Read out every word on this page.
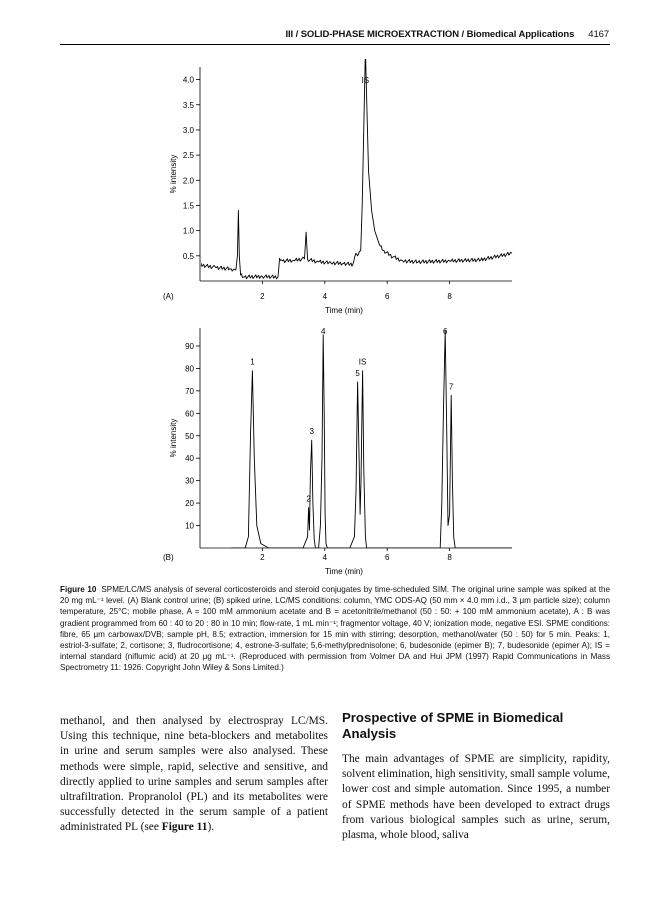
III / SOLID-PHASE MICROEXTRACTION / Biomedical Applications 4167
0.5
1.0
1.5
2.0
2.5
3.0
3.5
4.0
2	4	6	8
Time (min)
% intensity
(A)
IS
10
20
30
40
50
60
70
80
90
2	4	6	8
Time (min)
% intensity
(B)
1
2
3
4
5
IS
6
7
Figure 10 SPME/LC/MS analysis of several corticosteroids and steroid conjugates by time-scheduled SIM. The original urine sample was spiked at the 20 mg mL⁻¹ level. (A) Blank control urine; (B) spiked urine. LC/MS conditions: column, YMC ODS-AQ (50 mm × 4.0 mm i.d., 3 μm particle size); column temperature, 25°C; mobile phase, A = 100 mM ammonium acetate and B = acetonitrile/methanol (50 : 50: + 100 mM ammonium acetate), A : B was gradient programmed from 60 : 40 to 20 : 80 in 10 min; flow-rate, 1 mL min⁻¹; fragmentor voltage, 40 V; ionization mode, negative ESI. SPME conditions: fibre, 65 μm carbowax/DVB; sample pH, 8.5; extraction, immersion for 15 min with stirring; desorption, methanol/water (50 : 50) for 5 min. Peaks: 1, estriol-3-sulfate; 2, cortisone; 3, fludrocortisone; 4, estrone-3-sulfate; 5,6-methylprednisolone; 6, budesonide (epimer B); 7, budesonide (epimer A); IS = internal standard (niflumic acid) at 20 μg mL⁻¹. (Reproduced with permission from Volmer DA and Hui JPM (1997) Rapid Communications in Mass Spectrometry 11: 1926. Copyright John Wiley & Sons Limited.)

methanol, and then analysed by electrospray LC/MS. Using this technique, nine beta-blockers and metabolites in urine and serum samples were also analysed. These methods were simple, rapid, selective and sensitive, and directly applied to urine samples and serum samples after ultrafiltration. Propranolol (PL) and its metabolites were successfully detected in the serum sample of a patient administrated PL (see Figure 11).

Prospective of SPME in Biomedical Analysis

The main advantages of SPME are simplicity, rapidity, solvent elimination, high sensitivity, small sample volume, lower cost and simple automation. Since 1995, a number of SPME methods have been developed to extract drugs from various biological samples such as urine, serum, plasma, whole blood, saliva
